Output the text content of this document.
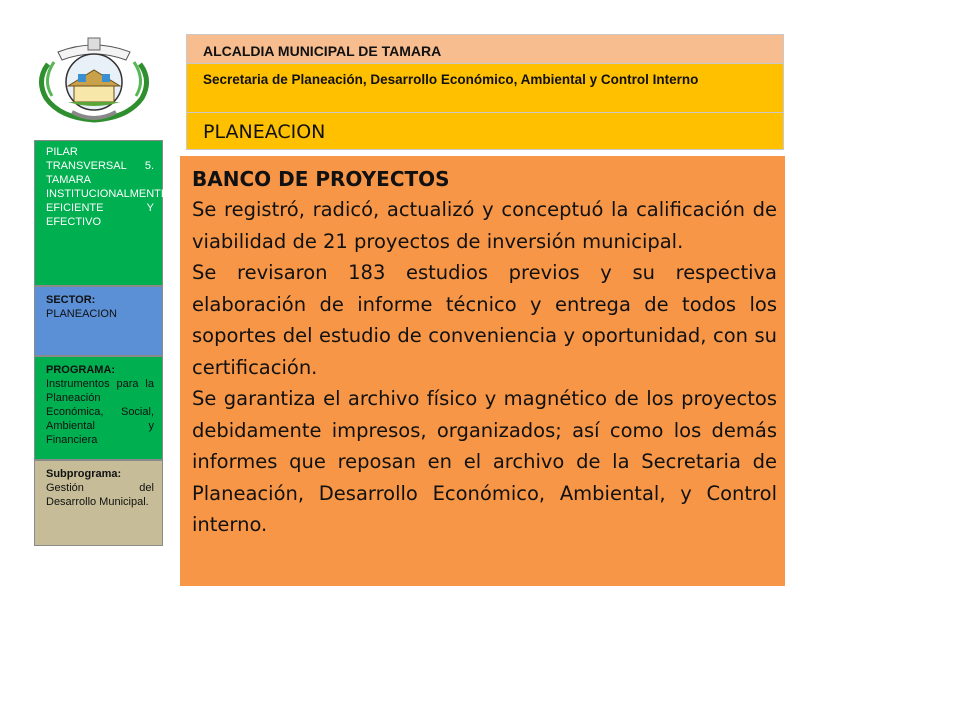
ALCALDIA MUNICIPAL DE TAMARA
Secretaria de Planeación, Desarrollo Económico, Ambiental y Control Interno
PLANEACION
PILAR TRANSVERSAL 5. TAMARA INSTITUCIONALMENTE EFICIENTE Y EFECTIVO
SECTOR:
PLANEACION
PROGRAMA: Instrumentos para la Planeación Económica, Social, Ambiental y Financiera
Subprograma: Gestión del Desarrollo Municipal.
BANCO DE PROYECTOS

Se registró, radicó, actualizó y conceptuó la calificación de viabilidad de 21 proyectos de inversión municipal.

Se revisaron 183 estudios previos y su respectiva elaboración de informe técnico y entrega de todos los soportes del estudio de conveniencia y oportunidad, con su certificación.

Se garantiza el archivo físico y magnético de los proyectos debidamente impresos, organizados; así como los demás informes que reposan en el archivo de la Secretaria de Planeación, Desarrollo Económico, Ambiental, y Control interno.
